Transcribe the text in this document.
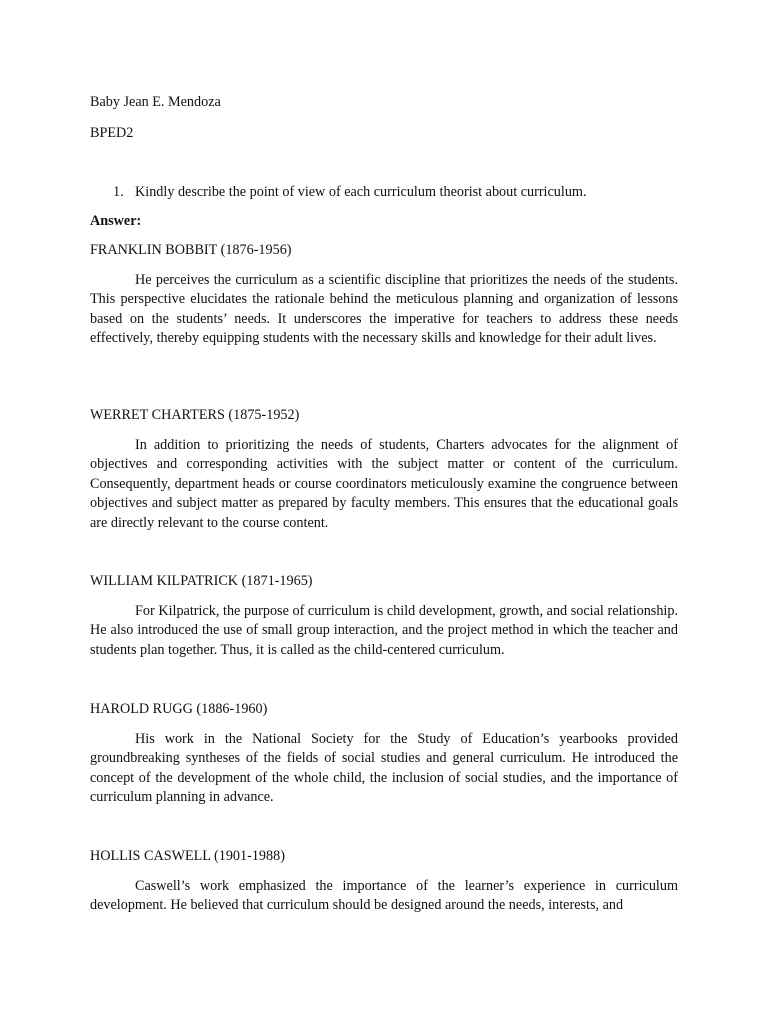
Baby Jean E. Mendoza
BPED2
1. Kindly describe the point of view of each curriculum theorist about curriculum.
Answer:
FRANKLIN BOBBIT (1876-1956)

He perceives the curriculum as a scientific discipline that prioritizes the needs of the students. This perspective elucidates the rationale behind the meticulous planning and organization of lessons based on the students’ needs. It underscores the imperative for teachers to address these needs effectively, thereby equipping students with the necessary skills and knowledge for their adult lives.

WERRET CHARTERS (1875-1952)

In addition to prioritizing the needs of students, Charters advocates for the alignment of objectives and corresponding activities with the subject matter or content of the curriculum. Consequently, department heads or course coordinators meticulously examine the congruence between objectives and subject matter as prepared by faculty members. This ensures that the educational goals are directly relevant to the course content.

WILLIAM KILPATRICK (1871-1965)

For Kilpatrick, the purpose of curriculum is child development, growth, and social relationship. He also introduced the use of small group interaction, and the project method in which the teacher and students plan together. Thus, it is called as the child-centered curriculum.

HAROLD RUGG (1886-1960)

His work in the National Society for the Study of Education’s yearbooks provided groundbreaking syntheses of the fields of social studies and general curriculum. He introduced the concept of the development of the whole child, the inclusion of social studies, and the importance of curriculum planning in advance.

HOLLIS CASWELL (1901-1988)

Caswell’s work emphasized the importance of the learner’s experience in curriculum development. He believed that curriculum should be designed around the needs, interests, and
